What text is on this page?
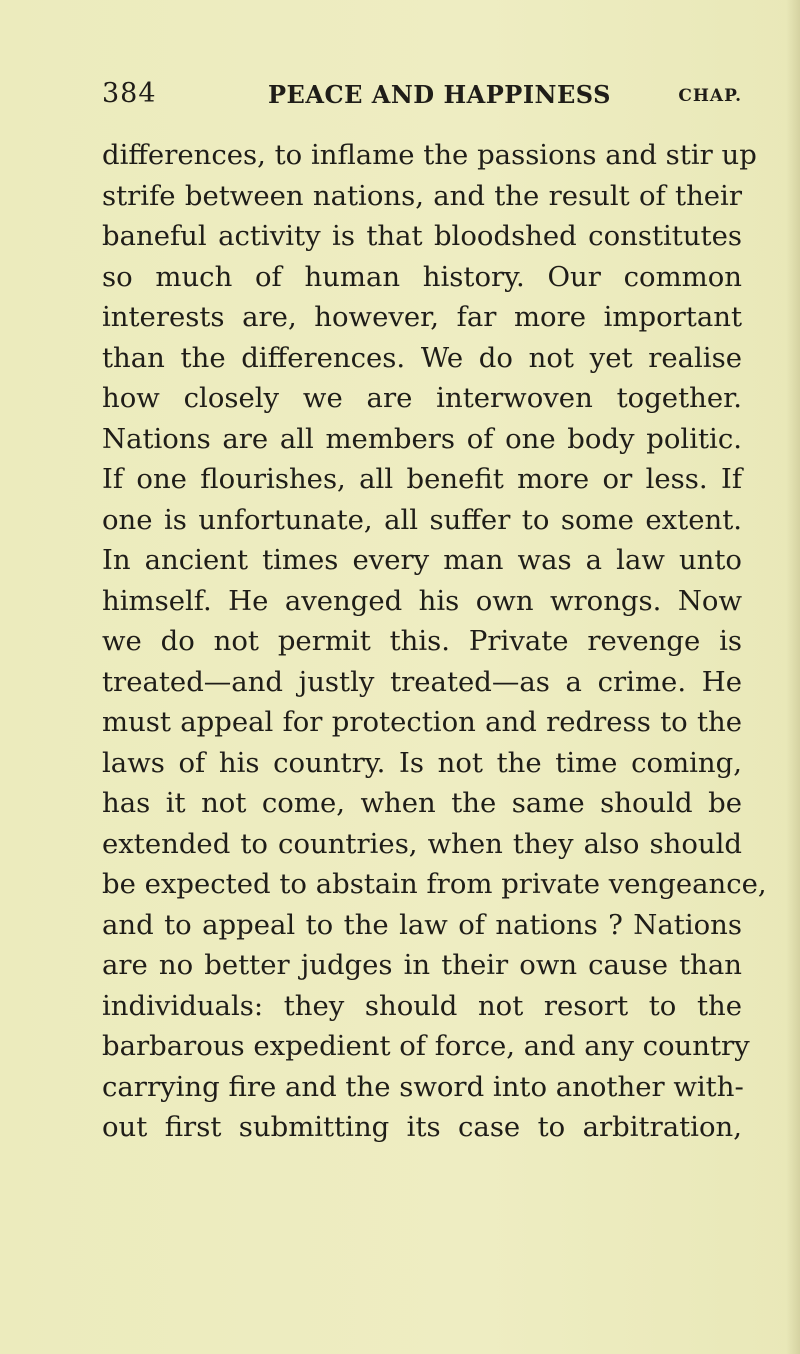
384	PEACE AND HAPPINESS	CHAP.
differences, to inflame the passions and stir up
strife between nations, and the result of their
baneful activity is that bloodshed constitutes
so much of human history. Our common
interests are, however, far more important
than the differences. We do not yet realise
how closely we are interwoven together.
Nations are all members of one body politic.
If one flourishes, all benefit more or less. If
one is unfortunate, all suffer to some extent.
In ancient times every man was a law unto
himself. He avenged his own wrongs. Now
we do not permit this. Private revenge is
treated—and justly treated—as a crime. He
must appeal for protection and redress to the
laws of his country. Is not the time coming,
has it not come, when the same should be
extended to countries, when they also should
be expected to abstain from private vengeance,
and to appeal to the law of nations ? Nations
are no better judges in their own cause than
individuals: they should not resort to the
barbarous expedient of force, and any country
carrying fire and the sword into another with-
out first submitting its case to arbitration,
